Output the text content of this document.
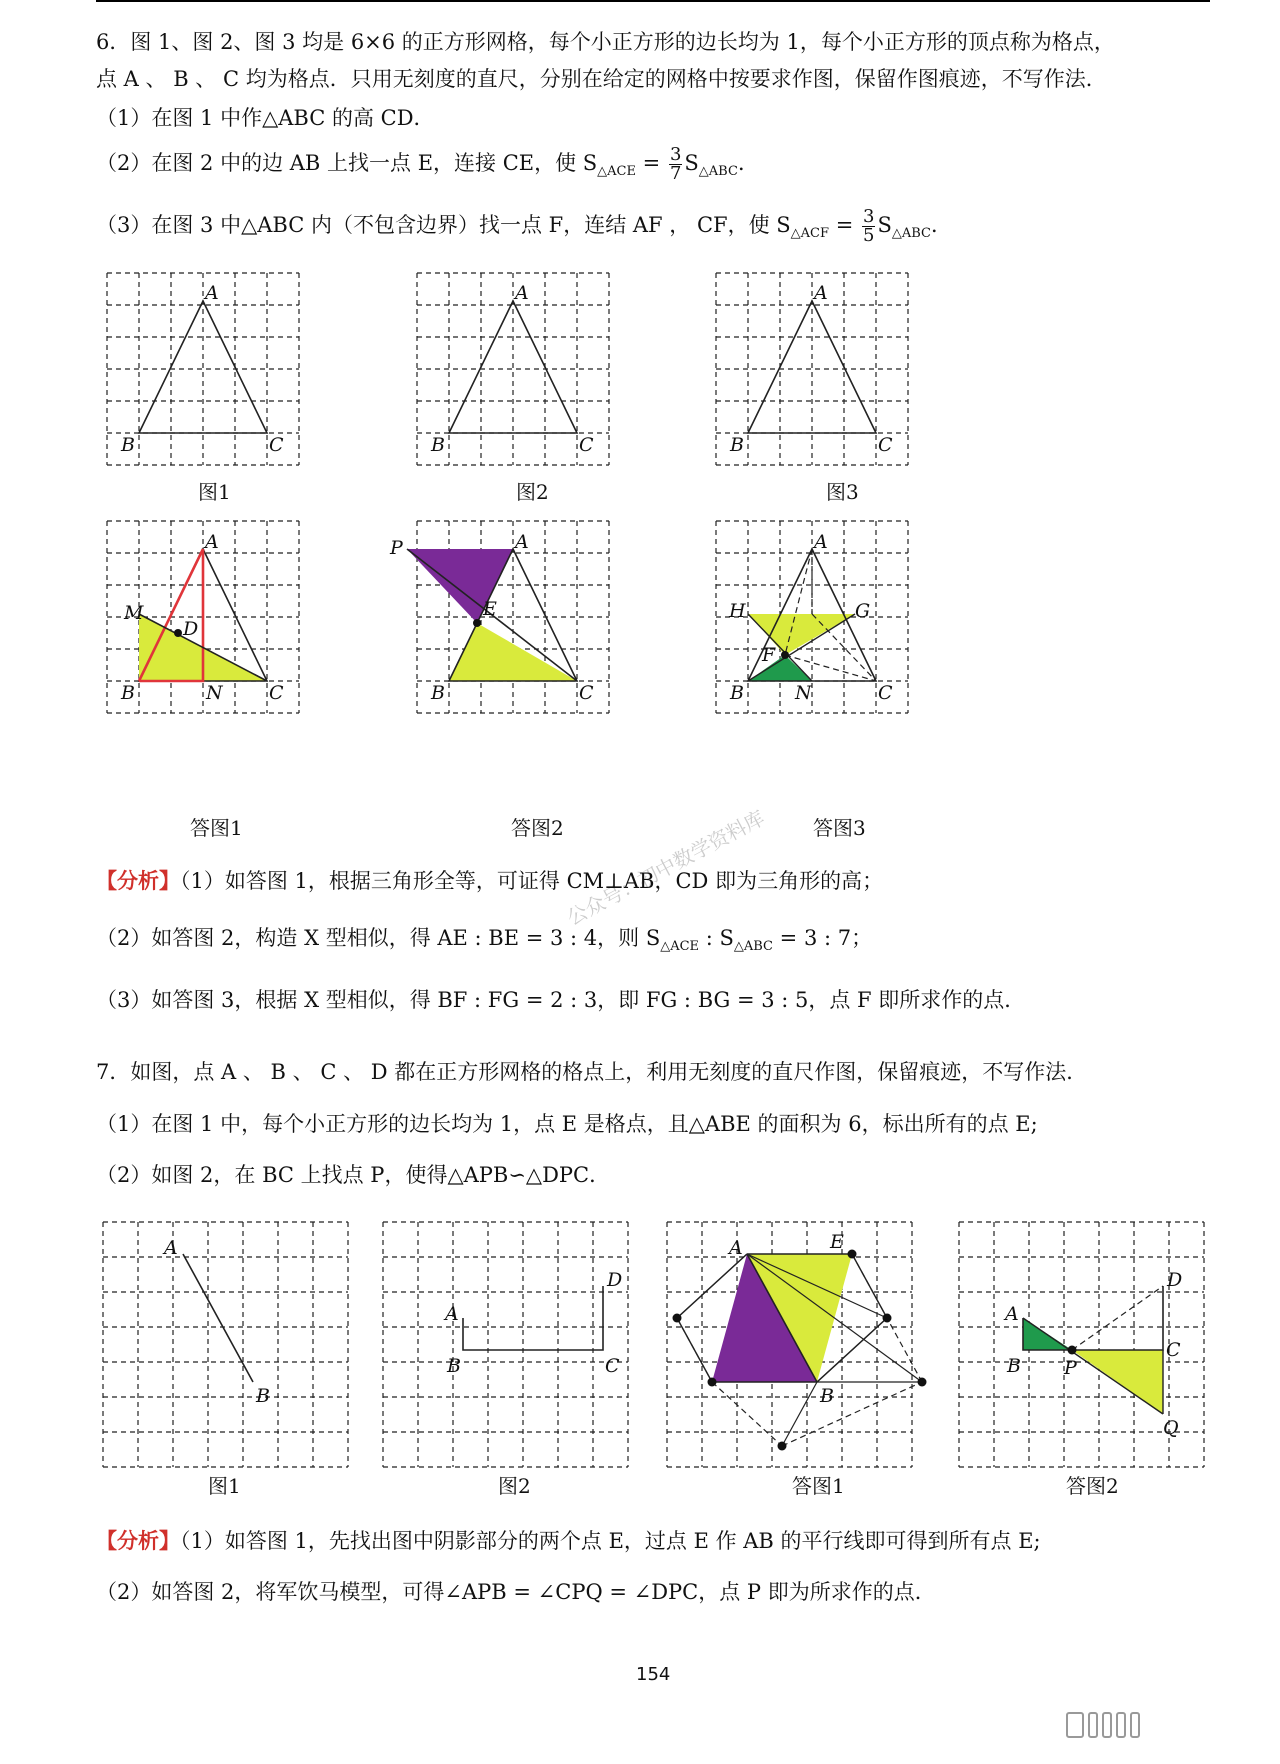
6．图 1、图 2、图 3 均是 6×6 的正方形网格，每个小正方形的边长均为 1，每个小正方形的顶点称为格点，
点 A 、 B 、 C 均为格点．只用无刻度的直尺，分别在给定的网格中按要求作图，保留作图痕迹，不写作法．
（1）在图 1 中作△ABC 的高 CD．
（2）在图 2 中的边 AB 上找一点 E，连接 CE，使 $S_{\triangle ACE} = \frac{3}{7} S_{\triangle ABC}$．
（3）在图 3 中△ABC 内（不包含边界）找一点 F，连结 AF ， CF，使 $S_{\triangle ACF} = \frac{3}{5} S_{\triangle ABC}$．
A
B	C
图1
A
B	C
图2
A
B	C
图3
A
M
D
B	N C
答图1
P	A
E
B	C
答图2
A
H	G
F
B	N	C
答图3
公众号：初中数学资料库
【分析】（1）如答图 1，根据三角形全等，可证得 CM⊥AB，CD 即为三角形的高；
（2）如答图 2，构造 X 型相似，得 AE : BE = 3 : 4，则 $S_{\triangle ACE}$ : $S_{\triangle ABC} = 3$ : 7；
（3）如答图 3，根据 X 型相似，得 BF : FG = 2 : 3，即 FG : BG = 3 : 5，点 F 即所求作的点．
7．如图，点 A 、 B 、 C 、 D 都在正方形网格的格点上，利用无刻度的直尺作图，保留痕迹，不写作法．
（1）在图 1 中，每个小正方形的边长均为 1，点 E 是格点，且△ABE 的面积为 6，标出所有的点 E;
（2）如图 2，在 BC 上找点 P，使得△APB∽△DPC．
A
B
图1
A
B	C
D
图2
A	E
B
答图1
A
B P
C
D
Q
答图2
【分析】（1）如答图 1，先找出图中阴影部分的两个点 E，过点 E 作 AB 的平行线即可得到所有点 E;
（2）如答图 2，将军饮马模型，可得∠APB = ∠CPQ = ∠DPC，点 P 即为所求作的点．
154
